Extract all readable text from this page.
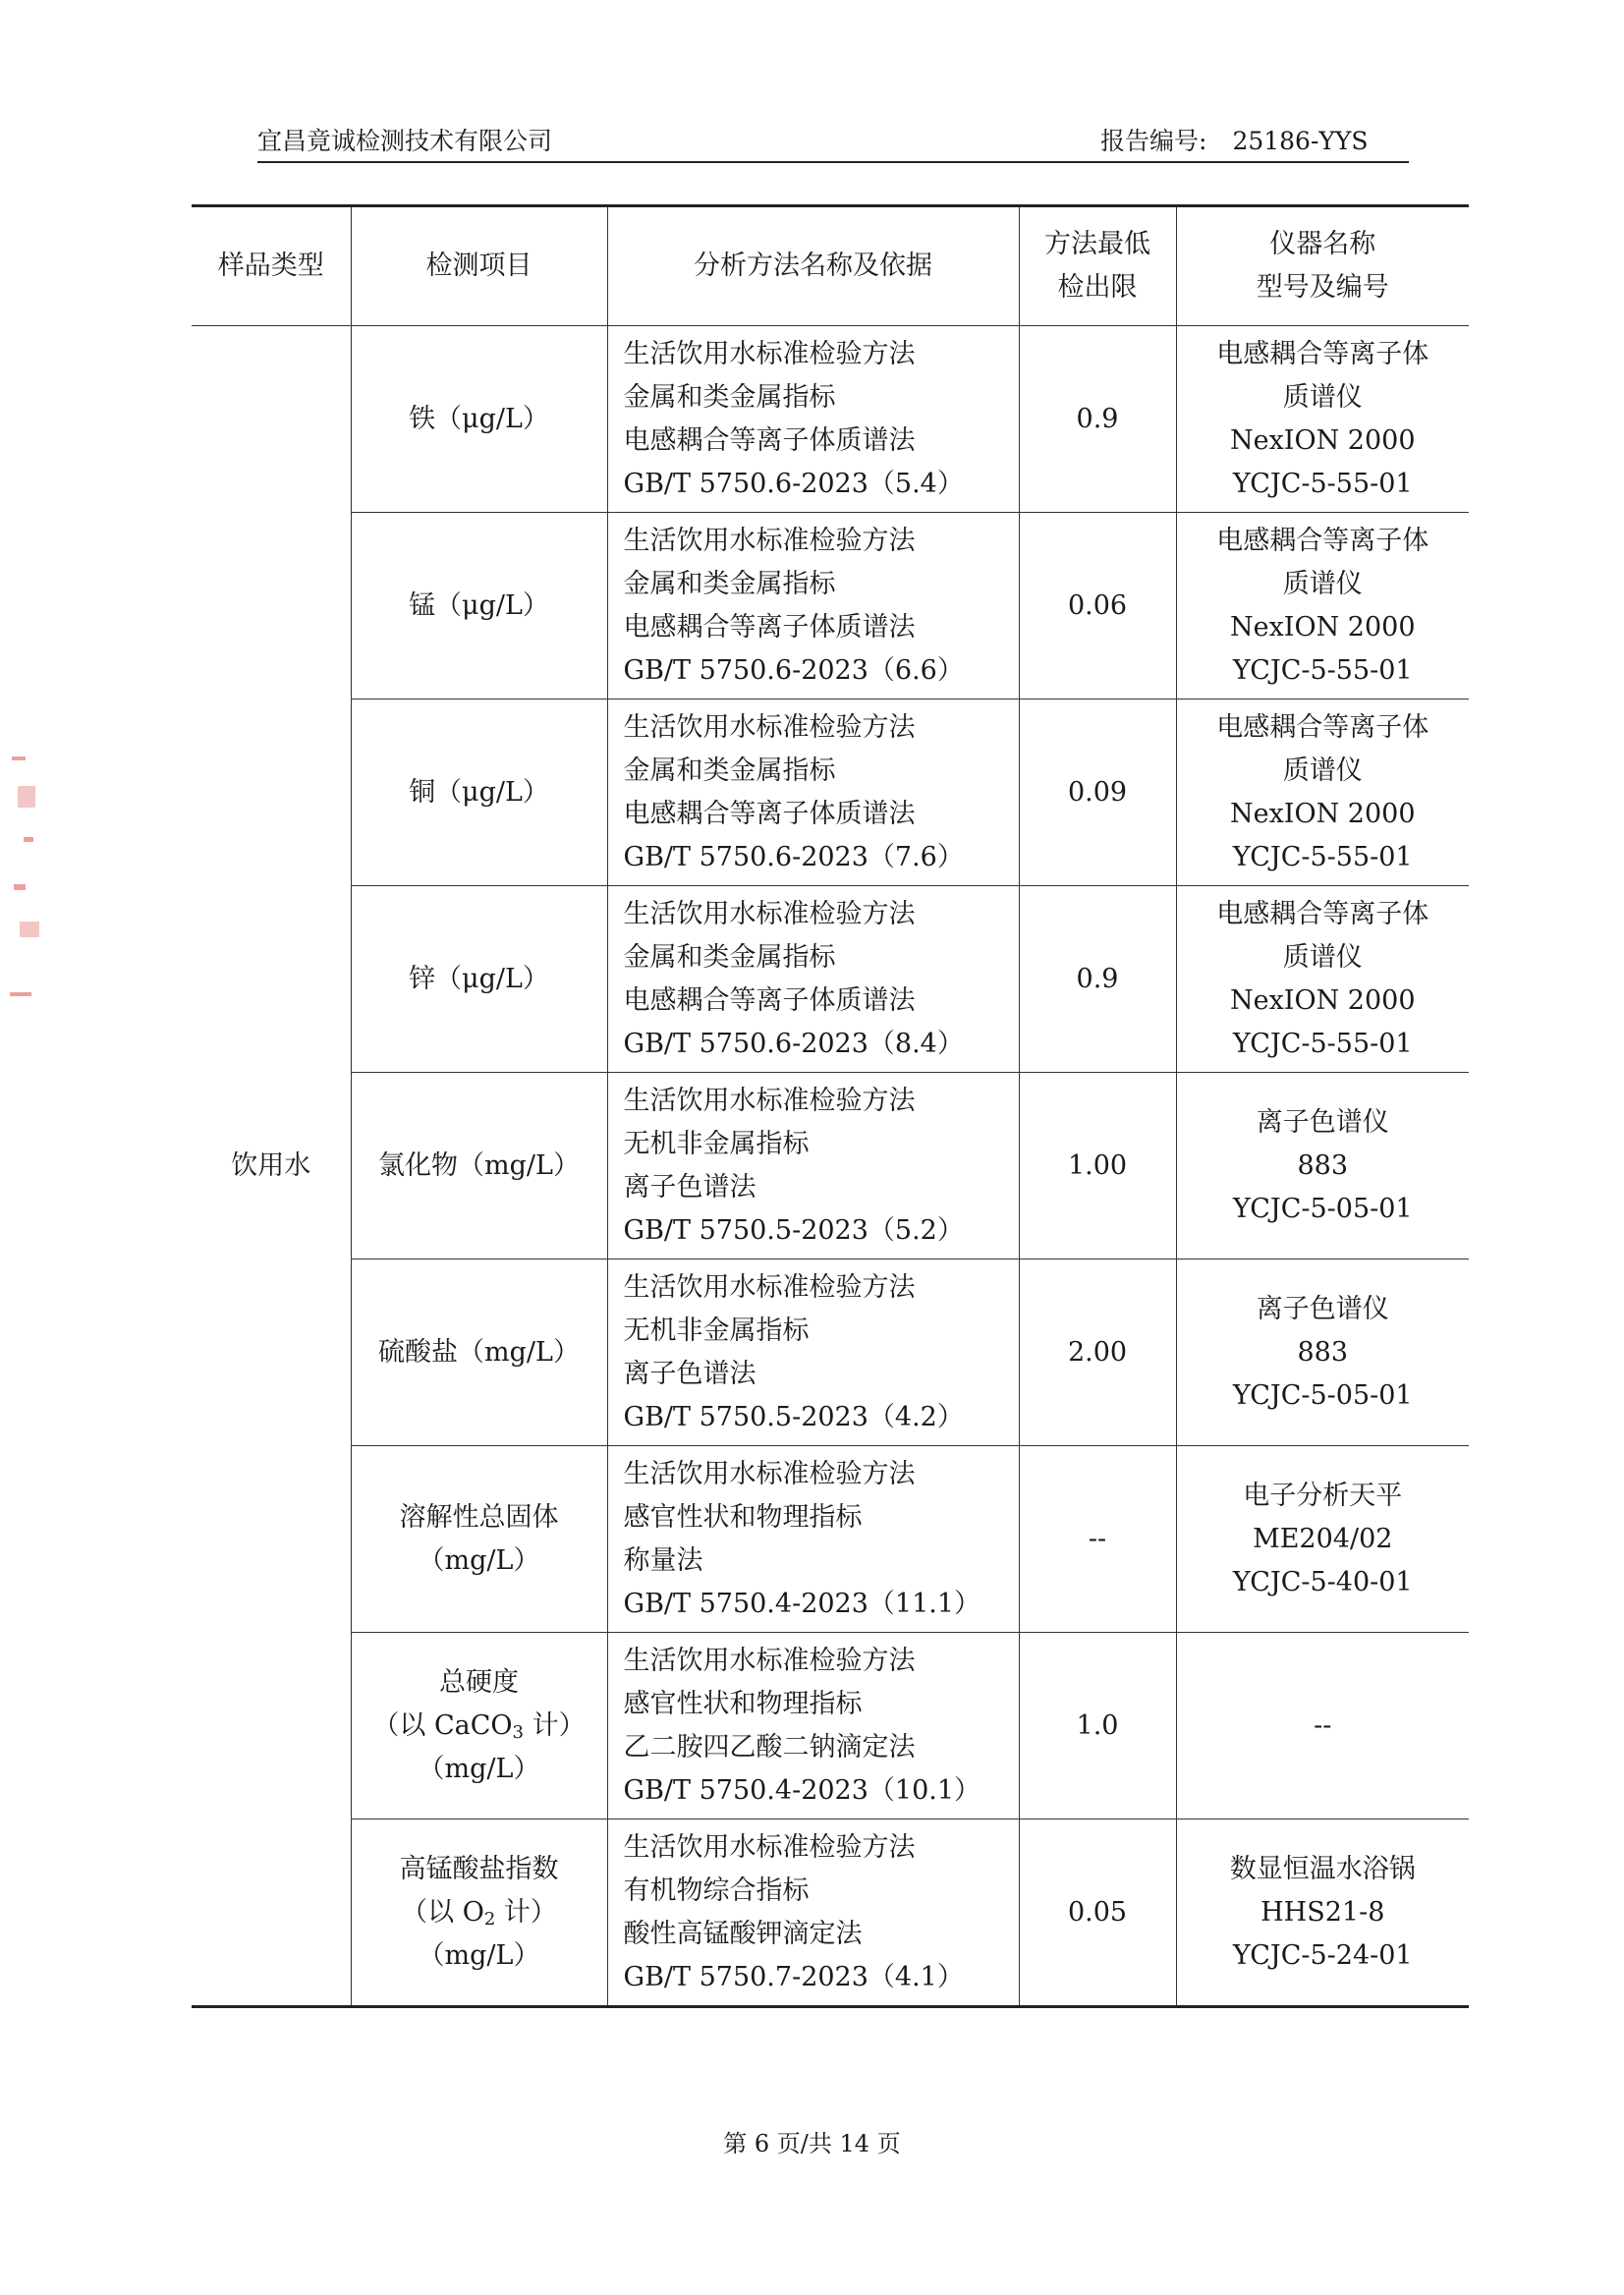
宜昌竟诚检测技术有限公司	报告编号: 25186-YYS
样品类型	检测项目	分析方法名称及依据	方法最低
检出限	仪器名称
型号及编号

饮用水	铁（μg/L）	生活饮用水标准检验方法
金属和类金属指标
电感耦合等离子体质谱法
GB/T 5750.6-2023（5.4）	0.9	电感耦合等离子体
质谱仪
NexION 2000
YCJC-5-55-01

	锰（μg/L）	生活饮用水标准检验方法
金属和类金属指标
电感耦合等离子体质谱法
GB/T 5750.6-2023（6.6）	0.06	电感耦合等离子体
质谱仪
NexION 2000
YCJC-5-55-01

	铜（μg/L）	生活饮用水标准检验方法
金属和类金属指标
电感耦合等离子体质谱法
GB/T 5750.6-2023（7.6）	0.09	电感耦合等离子体
质谱仪
NexION 2000
YCJC-5-55-01

	锌（μg/L）	生活饮用水标准检验方法
金属和类金属指标
电感耦合等离子体质谱法
GB/T 5750.6-2023（8.4）	0.9	电感耦合等离子体
质谱仪
NexION 2000
YCJC-5-55-01

	氯化物（mg/L）	生活饮用水标准检验方法
无机非金属指标
离子色谱法
GB/T 5750.5-2023（5.2）	1.00	离子色谱仪
883
YCJC-5-05-01

	硫酸盐（mg/L）	生活饮用水标准检验方法
无机非金属指标
离子色谱法
GB/T 5750.5-2023（4.2）	2.00	离子色谱仪
883
YCJC-5-05-01

	溶解性总固体
（mg/L）	生活饮用水标准检验方法
感官性状和物理指标
称量法
GB/T 5750.4-2023（11.1）	--	电子分析天平
ME204/02
YCJC-5-40-01

	总硬度
（以 CaCO$_3$ 计）
（mg/L）	生活饮用水标准检验方法
感官性状和物理指标
乙二胺四乙酸二钠滴定法
GB/T 5750.4-2023（10.1）	1.0	--

	高锰酸盐指数
（以 $O_2$ 计）
（mg/L）	生活饮用水标准检验方法
有机物综合指标
酸性高锰酸钾滴定法
GB/T 5750.7-2023（4.1）	0.05	数显恒温水浴锅
HHS21-8
YCJC-5-24-01
第 6 页/共 14 页
